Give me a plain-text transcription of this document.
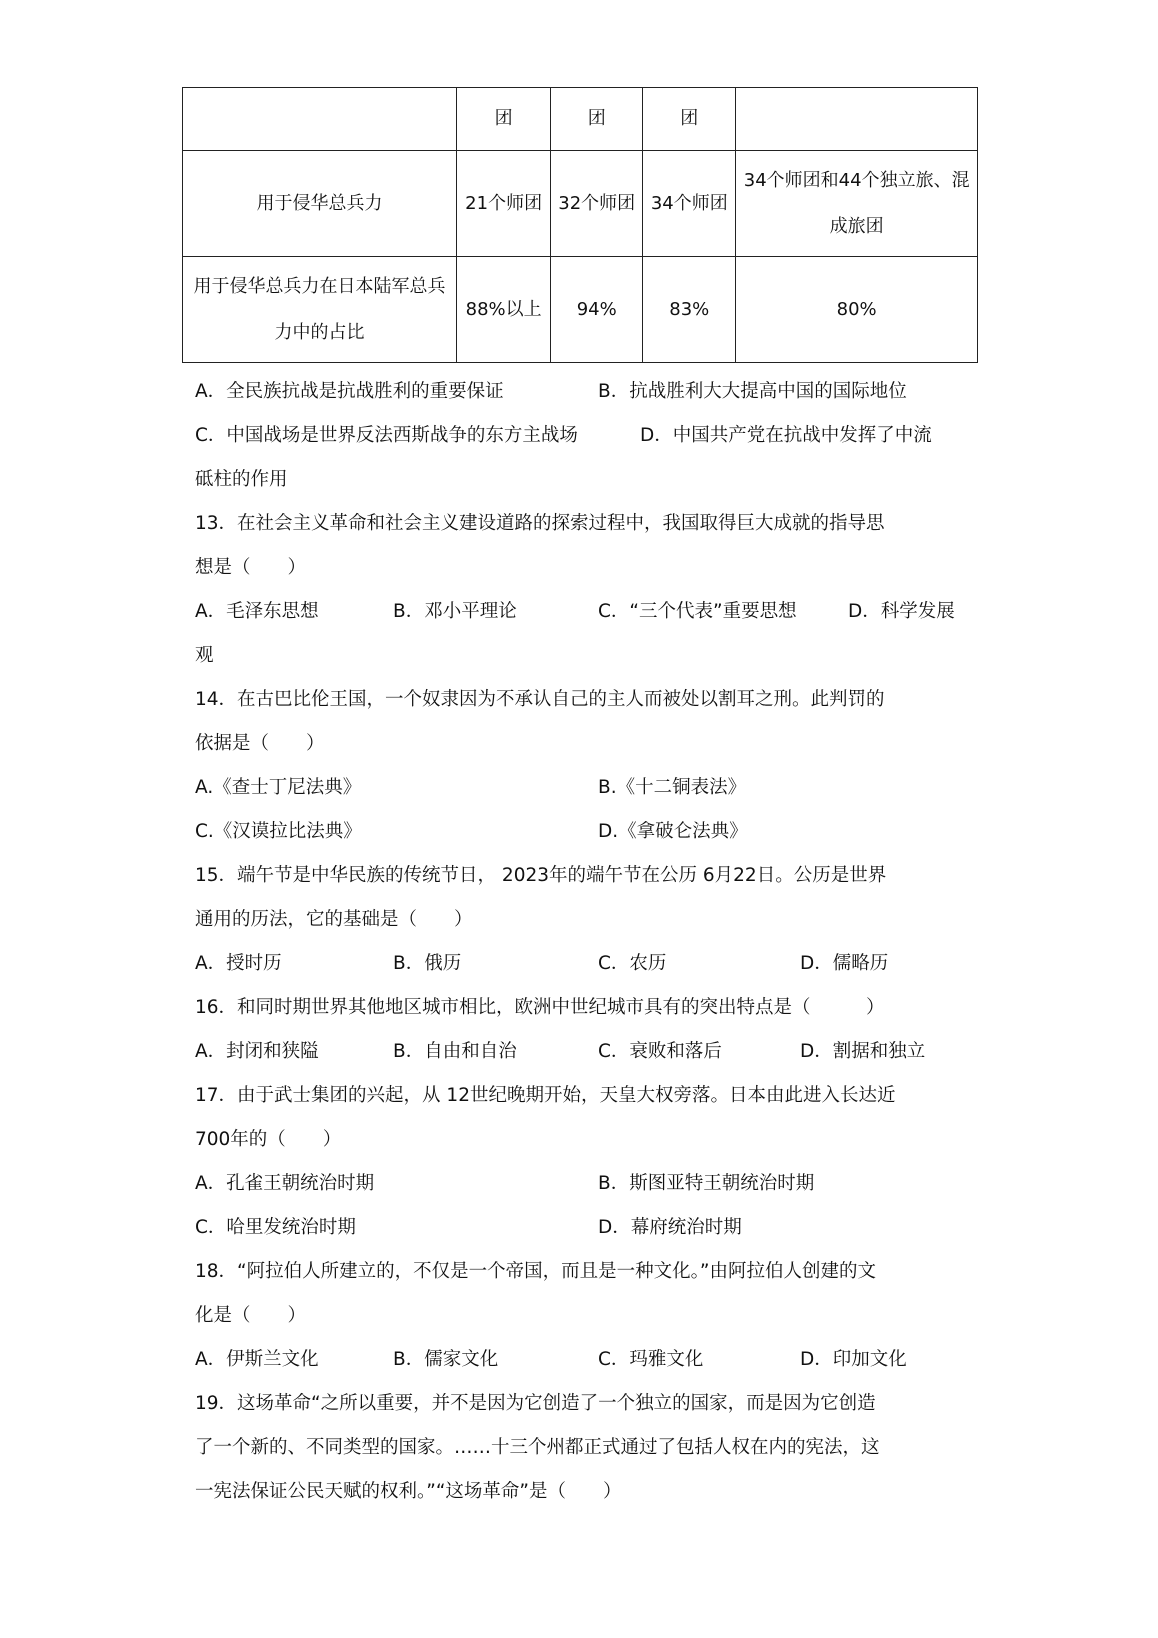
	团	团	团	
用于侵华总兵力	21个师团	32个师团	34个师团	34个师团和44个独立旅、混成旅团
用于侵华总兵力在日本陆军总兵力中的占比	88%以上	94%	83%	80%
A．全民族抗战是抗战胜利的重要保证	B．抗战胜利大大提高中国的国际地位
C．中国战场是世界反法西斯战争的东方主战场	D．中国共产党在抗战中发挥了中流
砥柱的作用
13．在社会主义革命和社会主义建设道路的探索过程中，我国取得巨大成就的指导思
想是（　　）
A．毛泽东思想	B．邓小平理论	C．“三个代表”重要思想	D．科学发展
观
14．在古巴比伦王国，一个奴隶因为不承认自己的主人而被处以割耳之刑。此判罚的
依据是（　　）
A.《查士丁尼法典》	B.《十二铜表法》
C.《汉谟拉比法典》	D.《拿破仑法典》
15．端午节是中华民族的传统节日， 2023年的端午节在公历 6月22日。公历是世界
通用的历法，它的基础是（　　）
A．授时历	B．俄历	C．农历	D．儒略历
16．和同时期世界其他地区城市相比，欧洲中世纪城市具有的突出特点是（　　　）
A．封闭和狭隘	B．自由和自治	C．衰败和落后	D．割据和独立
17．由于武士集团的兴起，从 12世纪晚期开始，天皇大权旁落。日本由此进入长达近
700年的（　　）
A．孔雀王朝统治时期	B．斯图亚特王朝统治时期
C．哈里发统治时期	D．幕府统治时期
18．“阿拉伯人所建立的，不仅是一个帝国，而且是一种文化。”由阿拉伯人创建的文
化是（　　）
A．伊斯兰文化	B．儒家文化	C．玛雅文化	D．印加文化
19．这场革命“之所以重要，并不是因为它创造了一个独立的国家，而是因为它创造
了一个新的、不同类型的国家。……十三个州都正式通过了包括人权在内的宪法，这
一宪法保证公民天赋的权利。”“这场革命”是（　　）
